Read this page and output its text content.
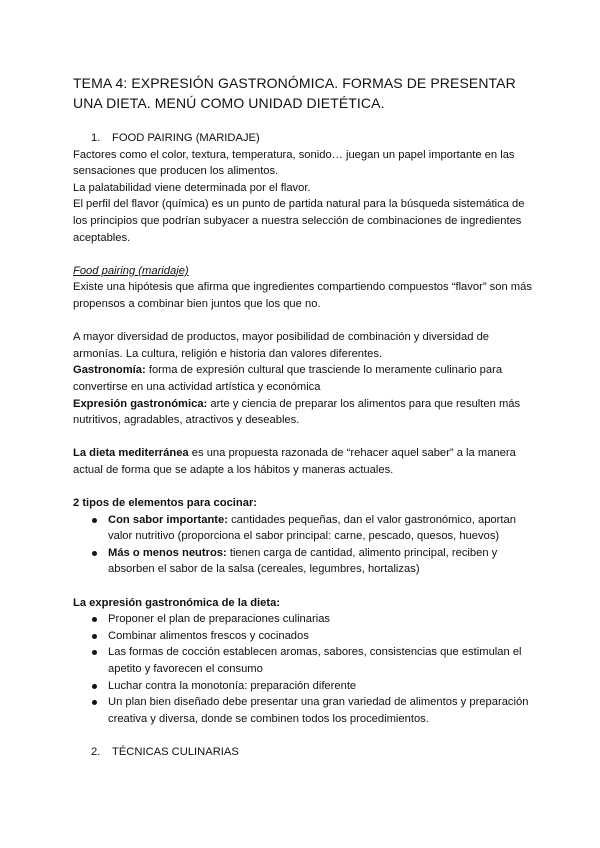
TEMA 4: EXPRESIÓN GASTRONÓMICA. FORMAS DE PRESENTAR UNA DIETA. MENÚ COMO UNIDAD DIETÉTICA.

1. FOOD PAIRING (MARIDAJE)

Factores como el color, textura, temperatura, sonido… juegan un papel importante en las sensaciones que producen los alimentos.

La palatabilidad viene determinada por el flavor.

El perfil del flavor (química) es un punto de partida natural para la búsqueda sistemática de los principios que podrían subyacer a nuestra selección de combinaciones de ingredientes aceptables.

Food pairing (maridaje)

Existe una hipótesis que afirma que ingredientes compartiendo compuestos “flavor” son más propensos a combinar bien juntos que los que no.

A mayor diversidad de productos, mayor posibilidad de combinación y diversidad de armonías. La cultura, religión e historia dan valores diferentes.

Gastronomía: forma de expresión cultural que trasciende lo meramente culinario para convertirse en una actividad artística y económica

Expresión gastronómica: arte y ciencia de preparar los alimentos para que resulten más nutritivos, agradables, atractivos y deseables.

La dieta mediterránea es una propuesta razonada de “rehacer aquel saber” a la manera actual de forma que se adapte a los hábitos y maneras actuales.

2 tipos de elementos para cocinar:

Con sabor importante: cantidades pequeñas, dan el valor gastronómico, aportan valor nutritivo (proporciona el sabor principal: carne, pescado, quesos, huevos)
Más o menos neutros: tienen carga de cantidad, alimento principal, reciben y absorben el sabor de la salsa (cereales, legumbres, hortalizas)

La expresión gastronómica de la dieta:

Proponer el plan de preparaciones culinarias
Combinar alimentos frescos y cocinados
Las formas de cocción establecen aromas, sabores, consistencias que estimulan el apetito y favorecen el consumo
Luchar contra la monotonía: preparación diferente
Un plan bien diseñado debe presentar una gran variedad de alimentos y preparación creativa y diversa, donde se combinen todos los procedimientos.

2. TÉCNICAS CULINARIAS
